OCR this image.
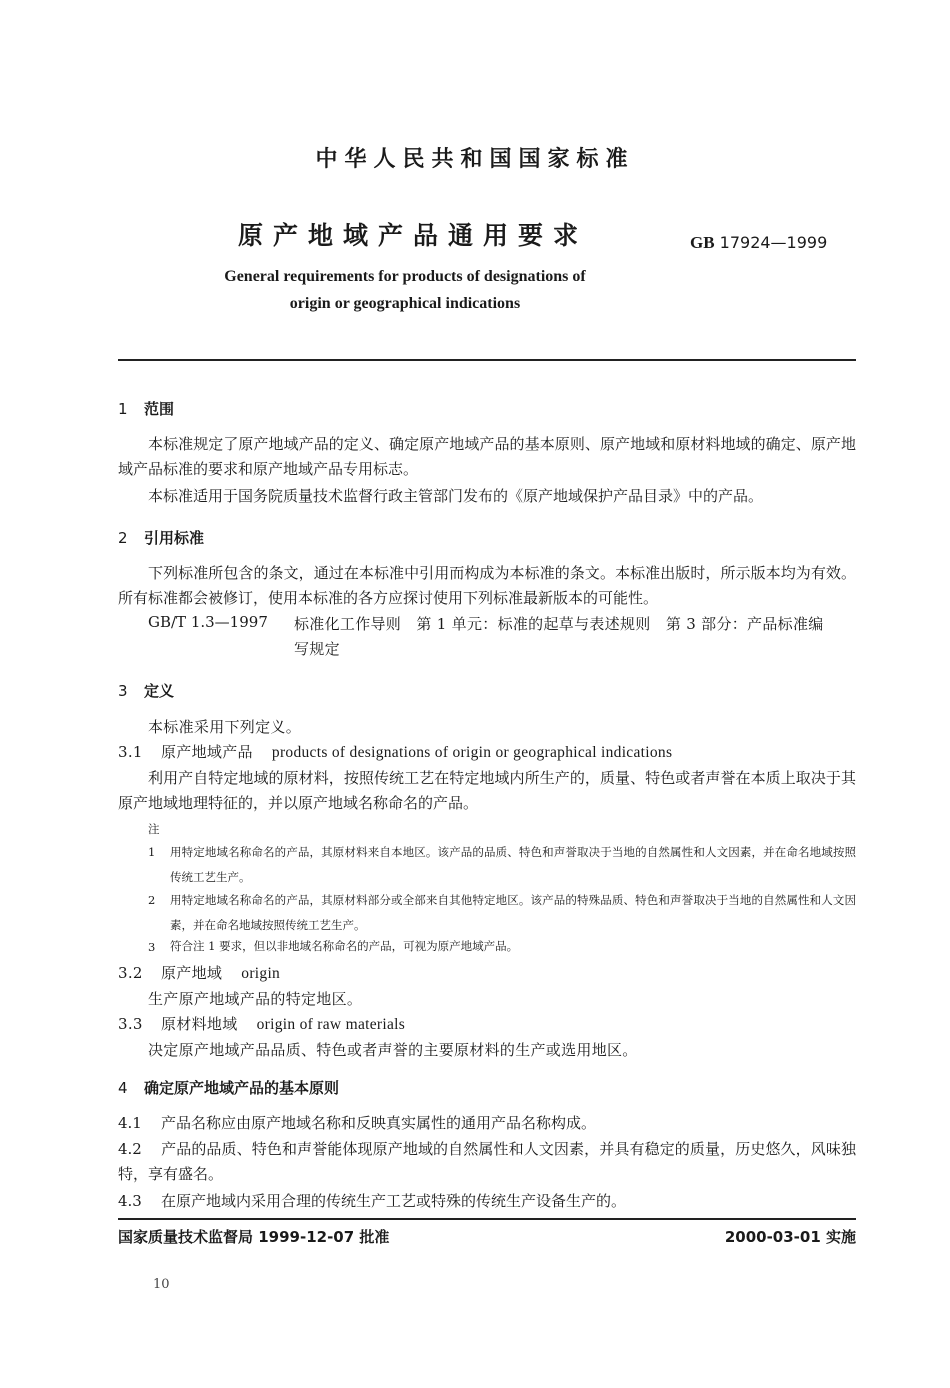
中华人民共和国国家标准
原产地域产品通用要求	GB 17924—1999
General requirements for products of designations of
origin or geographical indications
1 范围
本标准规定了原产地域产品的定义、确定原产地域产品的基本原则、原产地域和原材料地域的确定、原产地域产品标准的要求和原产地域产品专用标志。
本标准适用于国务院质量技术监督行政主管部门发布的《原产地域保护产品目录》中的产品。
2 引用标准
下列标准所包含的条文，通过在本标准中引用而构成为本标准的条文。本标准出版时，所示版本均为有效。所有标准都会被修订，使用本标准的各方应探讨使用下列标准最新版本的可能性。
GB/T 1.3—1997 标准化工作导则　第 1 单元：标准的起草与表述规则　第 3 部分：产品标准编
写规定
3 定义
本标准采用下列定义。
3.1 原产地域产品 products of designations of origin or geographical indications
利用产自特定地域的原材料，按照传统工艺在特定地域内所生产的，质量、特色或者声誉在本质上取决于其原产地域地理特征的，并以原产地域名称命名的产品。
注
1 用特定地域名称命名的产品，其原材料来自本地区。该产品的品质、特色和声誉取决于当地的自然属性和人文因素，并在命名地域按照传统工艺生产。
2 用特定地域名称命名的产品，其原材料部分或全部来自其他特定地区。该产品的特殊品质、特色和声誉取决于当地的自然属性和人文因素，并在命名地域按照传统工艺生产。
3 符合注 1 要求，但以非地域名称命名的产品，可视为原产地域产品。
3.2 原产地域 origin
生产原产地域产品的特定地区。
3.3 原材料地域 origin of raw materials
决定原产地域产品品质、特色或者声誉的主要原材料的生产或选用地区。
4 确定原产地域产品的基本原则
4.1 产品名称应由原产地域名称和反映真实属性的通用产品名称构成。
4.2 产品的品质、特色和声誉能体现原产地域的自然属性和人文因素，并具有稳定的质量，历史悠久，风味独特，享有盛名。
4.3 在原产地域内采用合理的传统生产工艺或特殊的传统生产设备生产的。
国家质量技术监督局 1999-12-07 批准	2000-03-01 实施
10
